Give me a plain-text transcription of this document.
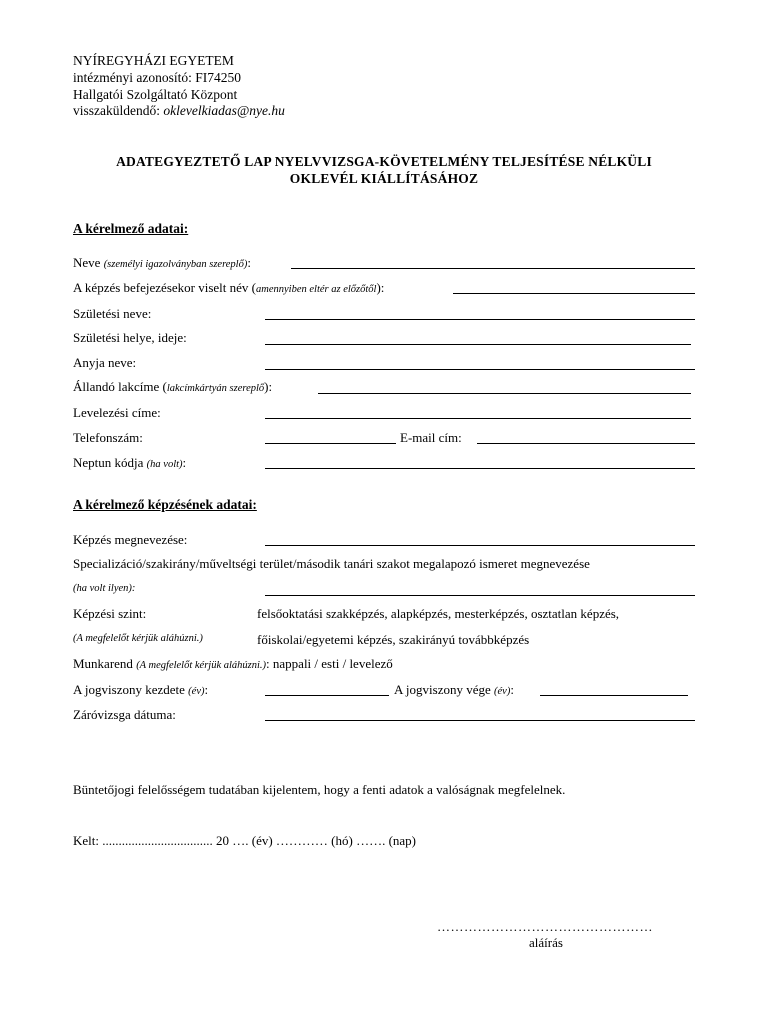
NYÍREGYHÁZI EGYETEM
intézményi azonosító: FI74250
Hallgatói Szolgáltató Központ
visszaküldendő: oklevelkiadas@nye.hu
ADATEGYEZTETŐ LAP NYELVVIZSGA-KÖVETELMÉNY TELJESÍTÉSE NÉLKÜLI
OKLEVÉL KIÁLLÍTÁSÁHOZ
A kérelmező adatai:
Neve (személyi igazolványban szereplő):
A képzés befejezésekor viselt név (amennyiben eltér az előzőtől):
Születési neve:
Születési helye, ideje:
Anyja neve:
Állandó lakcíme (lakcímkártyán szereplő):
Levelezési címe:
Telefonszám:	E-mail cím:
Neptun kódja (ha volt):
A kérelmező képzésének adatai:
Képzés megnevezése:
Specializáció/szakirány/műveltségi terület/második tanári szakot megalapozó ismeret megnevezése
(ha volt ilyen):
Képzési szint:	felsőoktatási szakképzés, alapképzés, mesterképzés, osztatlan képzés,
(A megfelelőt kérjük aláhúzni.)	főiskolai/egyetemi képzés, szakirányú továbbképzés
Munkarend (A megfelelőt kérjük aláhúzni.): nappali / esti / levelező
A jogviszony kezdete (év):	A jogviszony vége (év):
Záróvizsga dátuma:
Büntetőjogi felelősségem tudatában kijelentem, hogy a fenti adatok a valóságnak megfelelnek.
Kelt: .................................. 20 …. (év) ………… (hó) ……. (nap)
…………………………………………
aláírás
